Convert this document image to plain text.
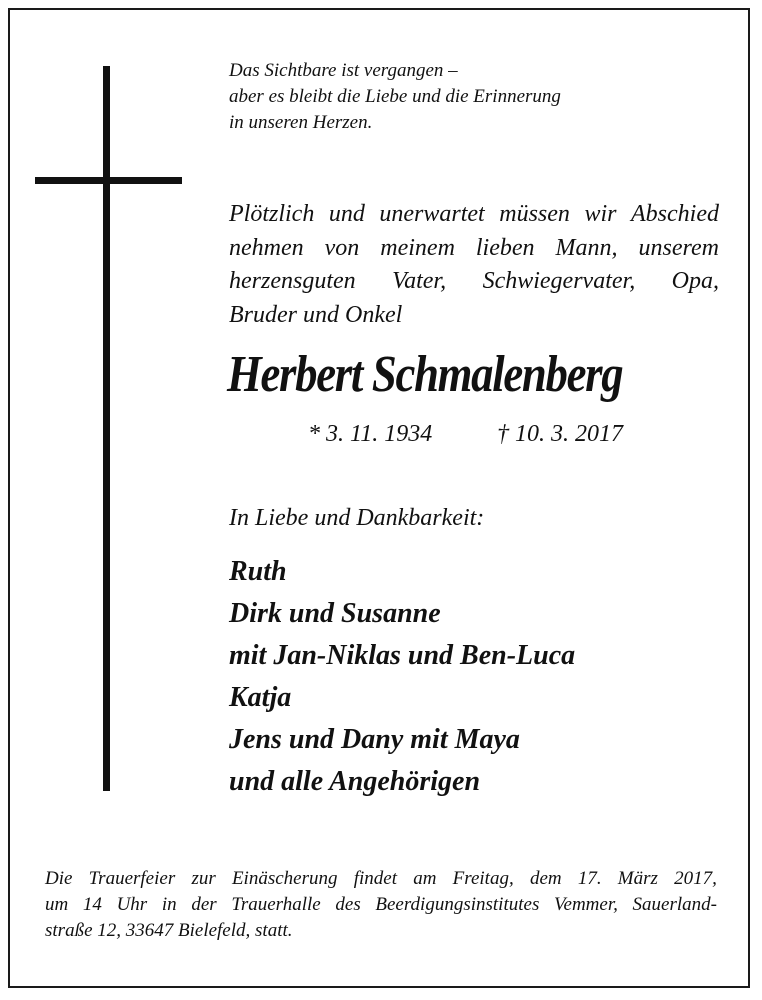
Das Sichtbare ist vergangen –
aber es bleibt die Liebe und die Erinnerung
in unseren Herzen.
Plötzlich und unerwartet müssen wir Abschied
nehmen von meinem lieben Mann, unserem
herzensguten Vater, Schwiegervater, Opa,
Bruder und Onkel
Herbert Schmalenberg
* 3. 11. 1934	† 10. 3. 2017
In Liebe und Dankbarkeit:
Ruth
Dirk und Susanne
mit Jan-Niklas und Ben-Luca
Katja
Jens und Dany mit Maya
und alle Angehörigen
Die Trauerfeier zur Einäscherung findet am Freitag, dem 17. März 2017,
um 14 Uhr in der Trauerhalle des Beerdigungsinstitutes Vemmer, Sauerland-
straße 12, 33647 Bielefeld, statt.
